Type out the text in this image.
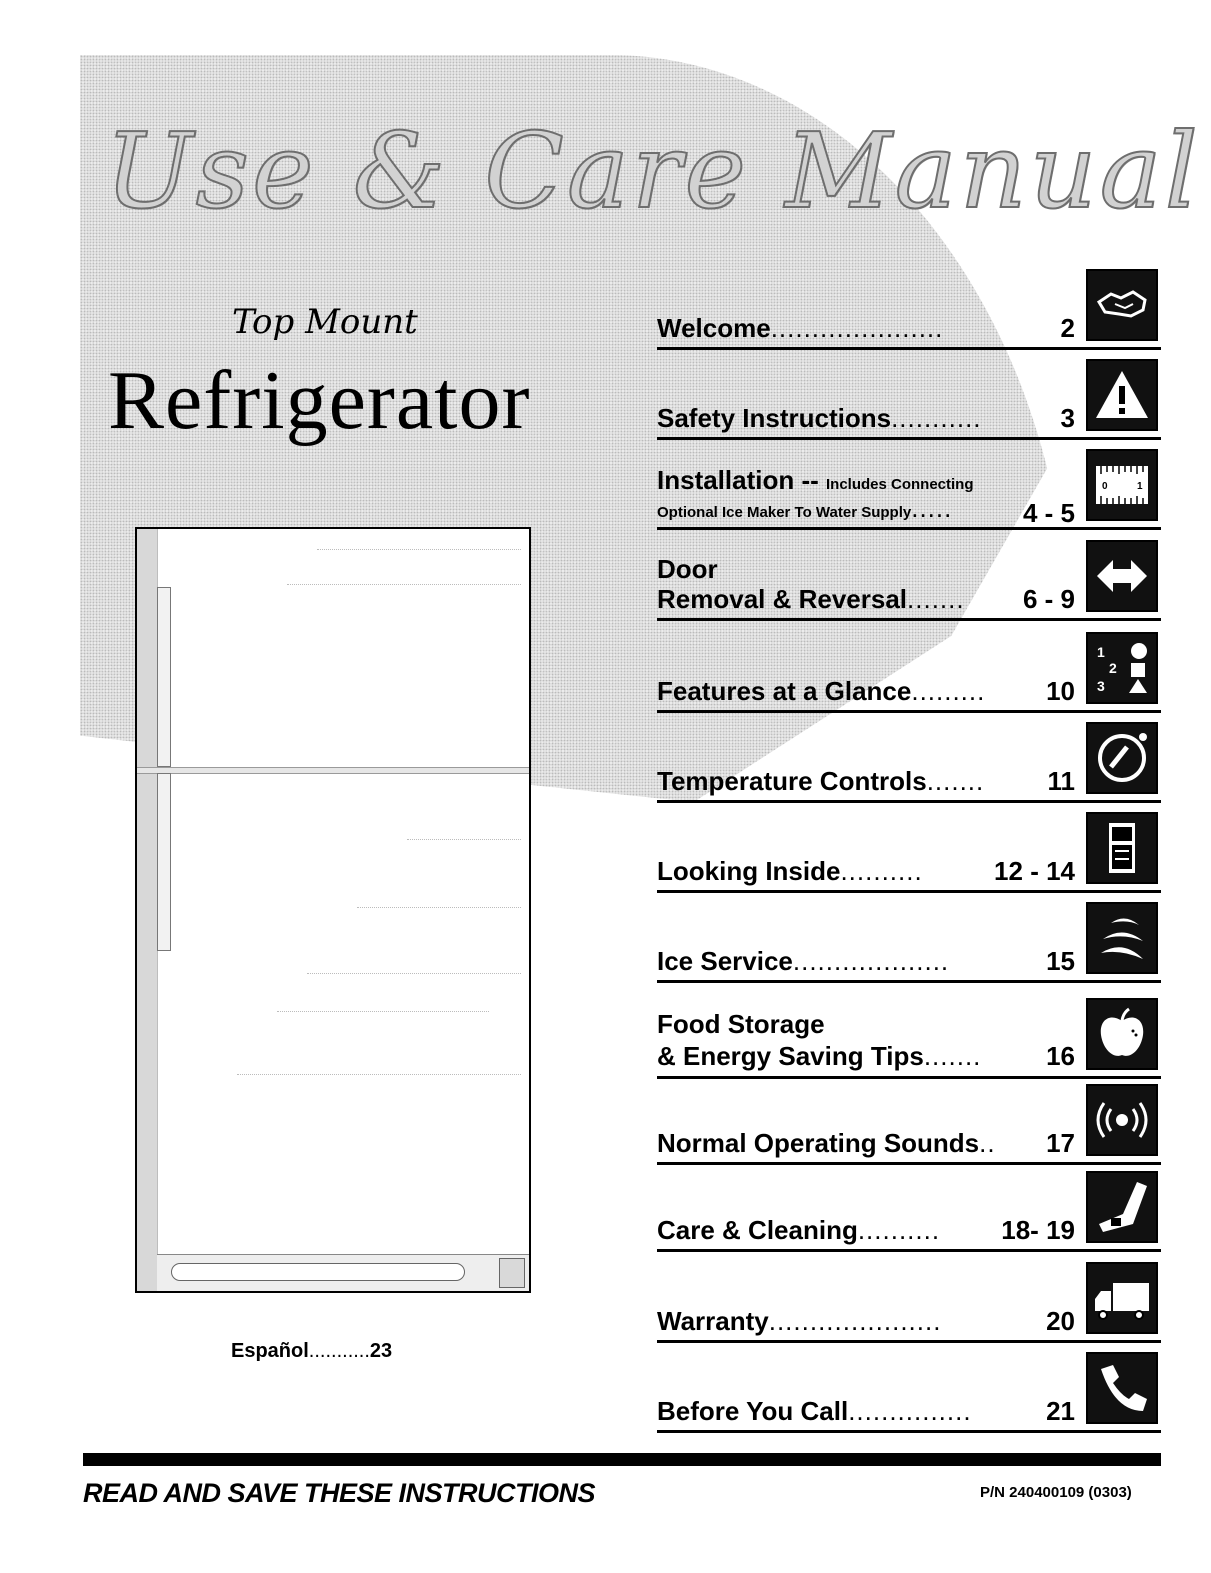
Use & Care Manual
Top Mount
Refrigerator
Español...........23
Welcome.....................	2
Safety Instructions...........	3
Installation -- Includes Connecting
Optional Ice Maker To Water Supply.....	4 - 5
0	1
Door
Removal & Reversal....... 6 - 9
Features at a Glance......... 10
1
2
3
Temperature Controls....... 11
Looking Inside..........	12 - 14
Ice Service...................	15
Food Storage
& Energy Saving Tips....... 16
Normal Operating Sounds.. 17
Care & Cleaning.......... 18- 19
Warranty.....................	20
Before You Call...............	21

READ AND SAVE THESE INSTRUCTIONS	P/N 240400109 (0303)
